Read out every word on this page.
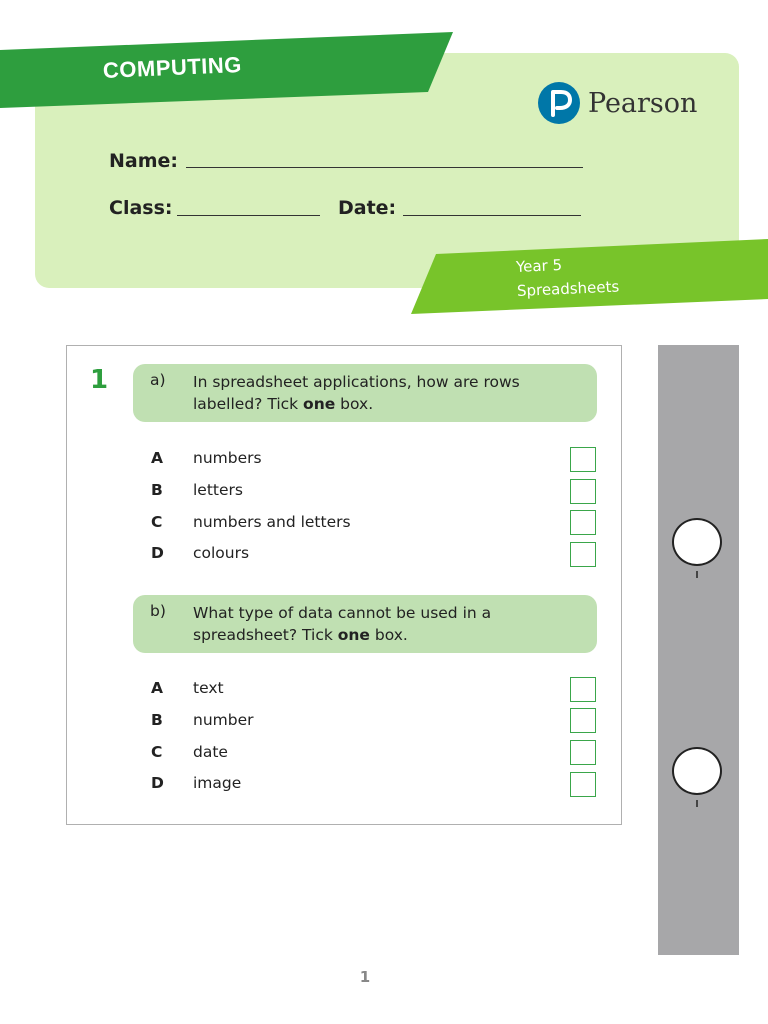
COMPUTING
Pearson
Name:
Class:	Date:
Year 5
Spreadsheets
1	a) In spreadsheet applications, how are rows labelled? Tick one box.
A numbers
B letters
C numbers and letters
D colours
b) What type of data cannot be used in a spreadsheet? Tick one box.
A text
B number
C date
D image
1
